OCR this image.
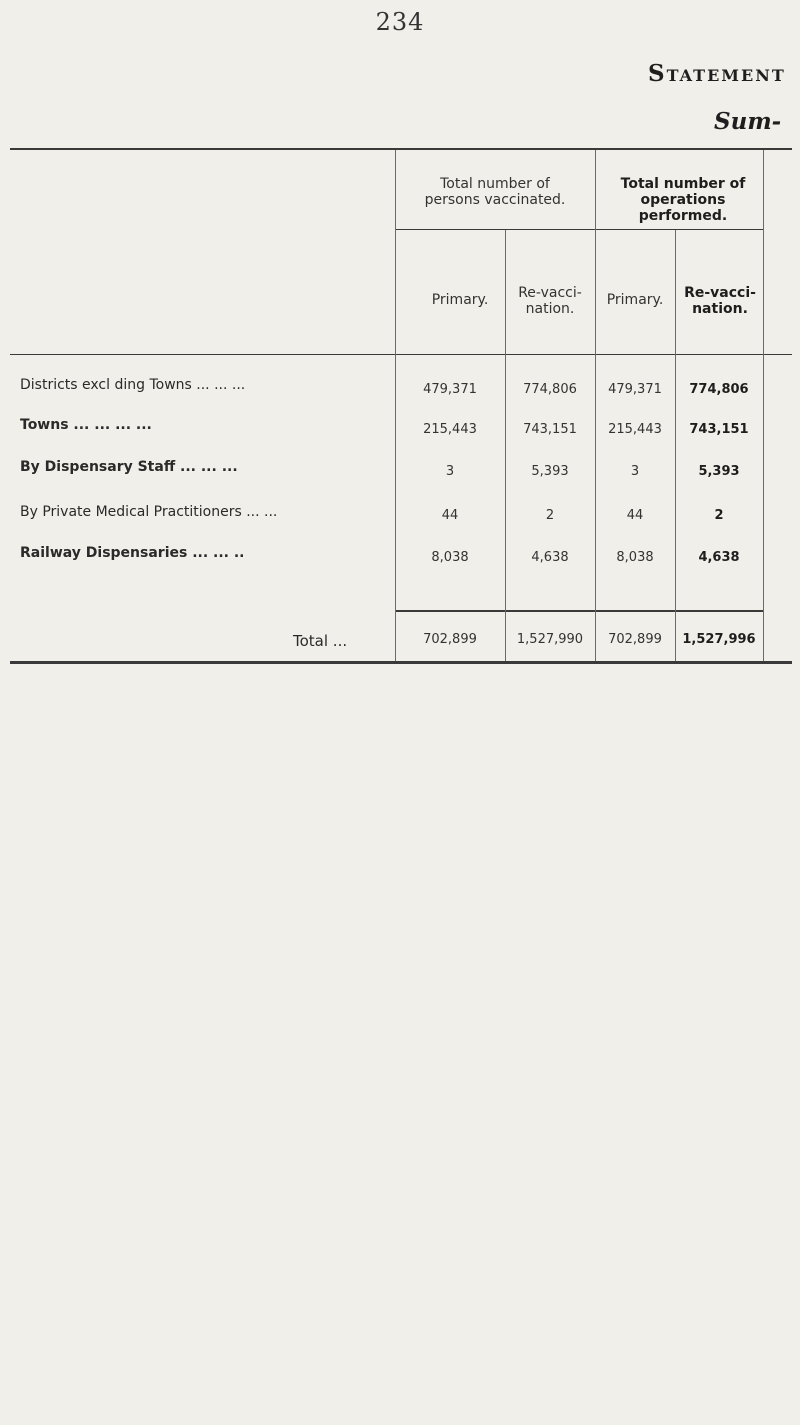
234
Statement
Sum-
Total number of persons vaccinated.
Total number of operations performed.
Primary.	Re-vacci- nation.
Primary.	Re-vacci- nation.
Districts excl ding Towns ... ... ...	479,371	774,806	479,371	774,806
Towns ... ... ... ...	215,443	743,151	215,443	743,151
By Dispensary Staff ... ... ...	3	5,393	3	5,393
By Private Medical Practitioners ... ...	44	2	44	2
Railway Dispensaries ... ... ..	8,038	4,638	8,038	4,638
Total ...	702,899	1,527,990	702,899	1,527,996
